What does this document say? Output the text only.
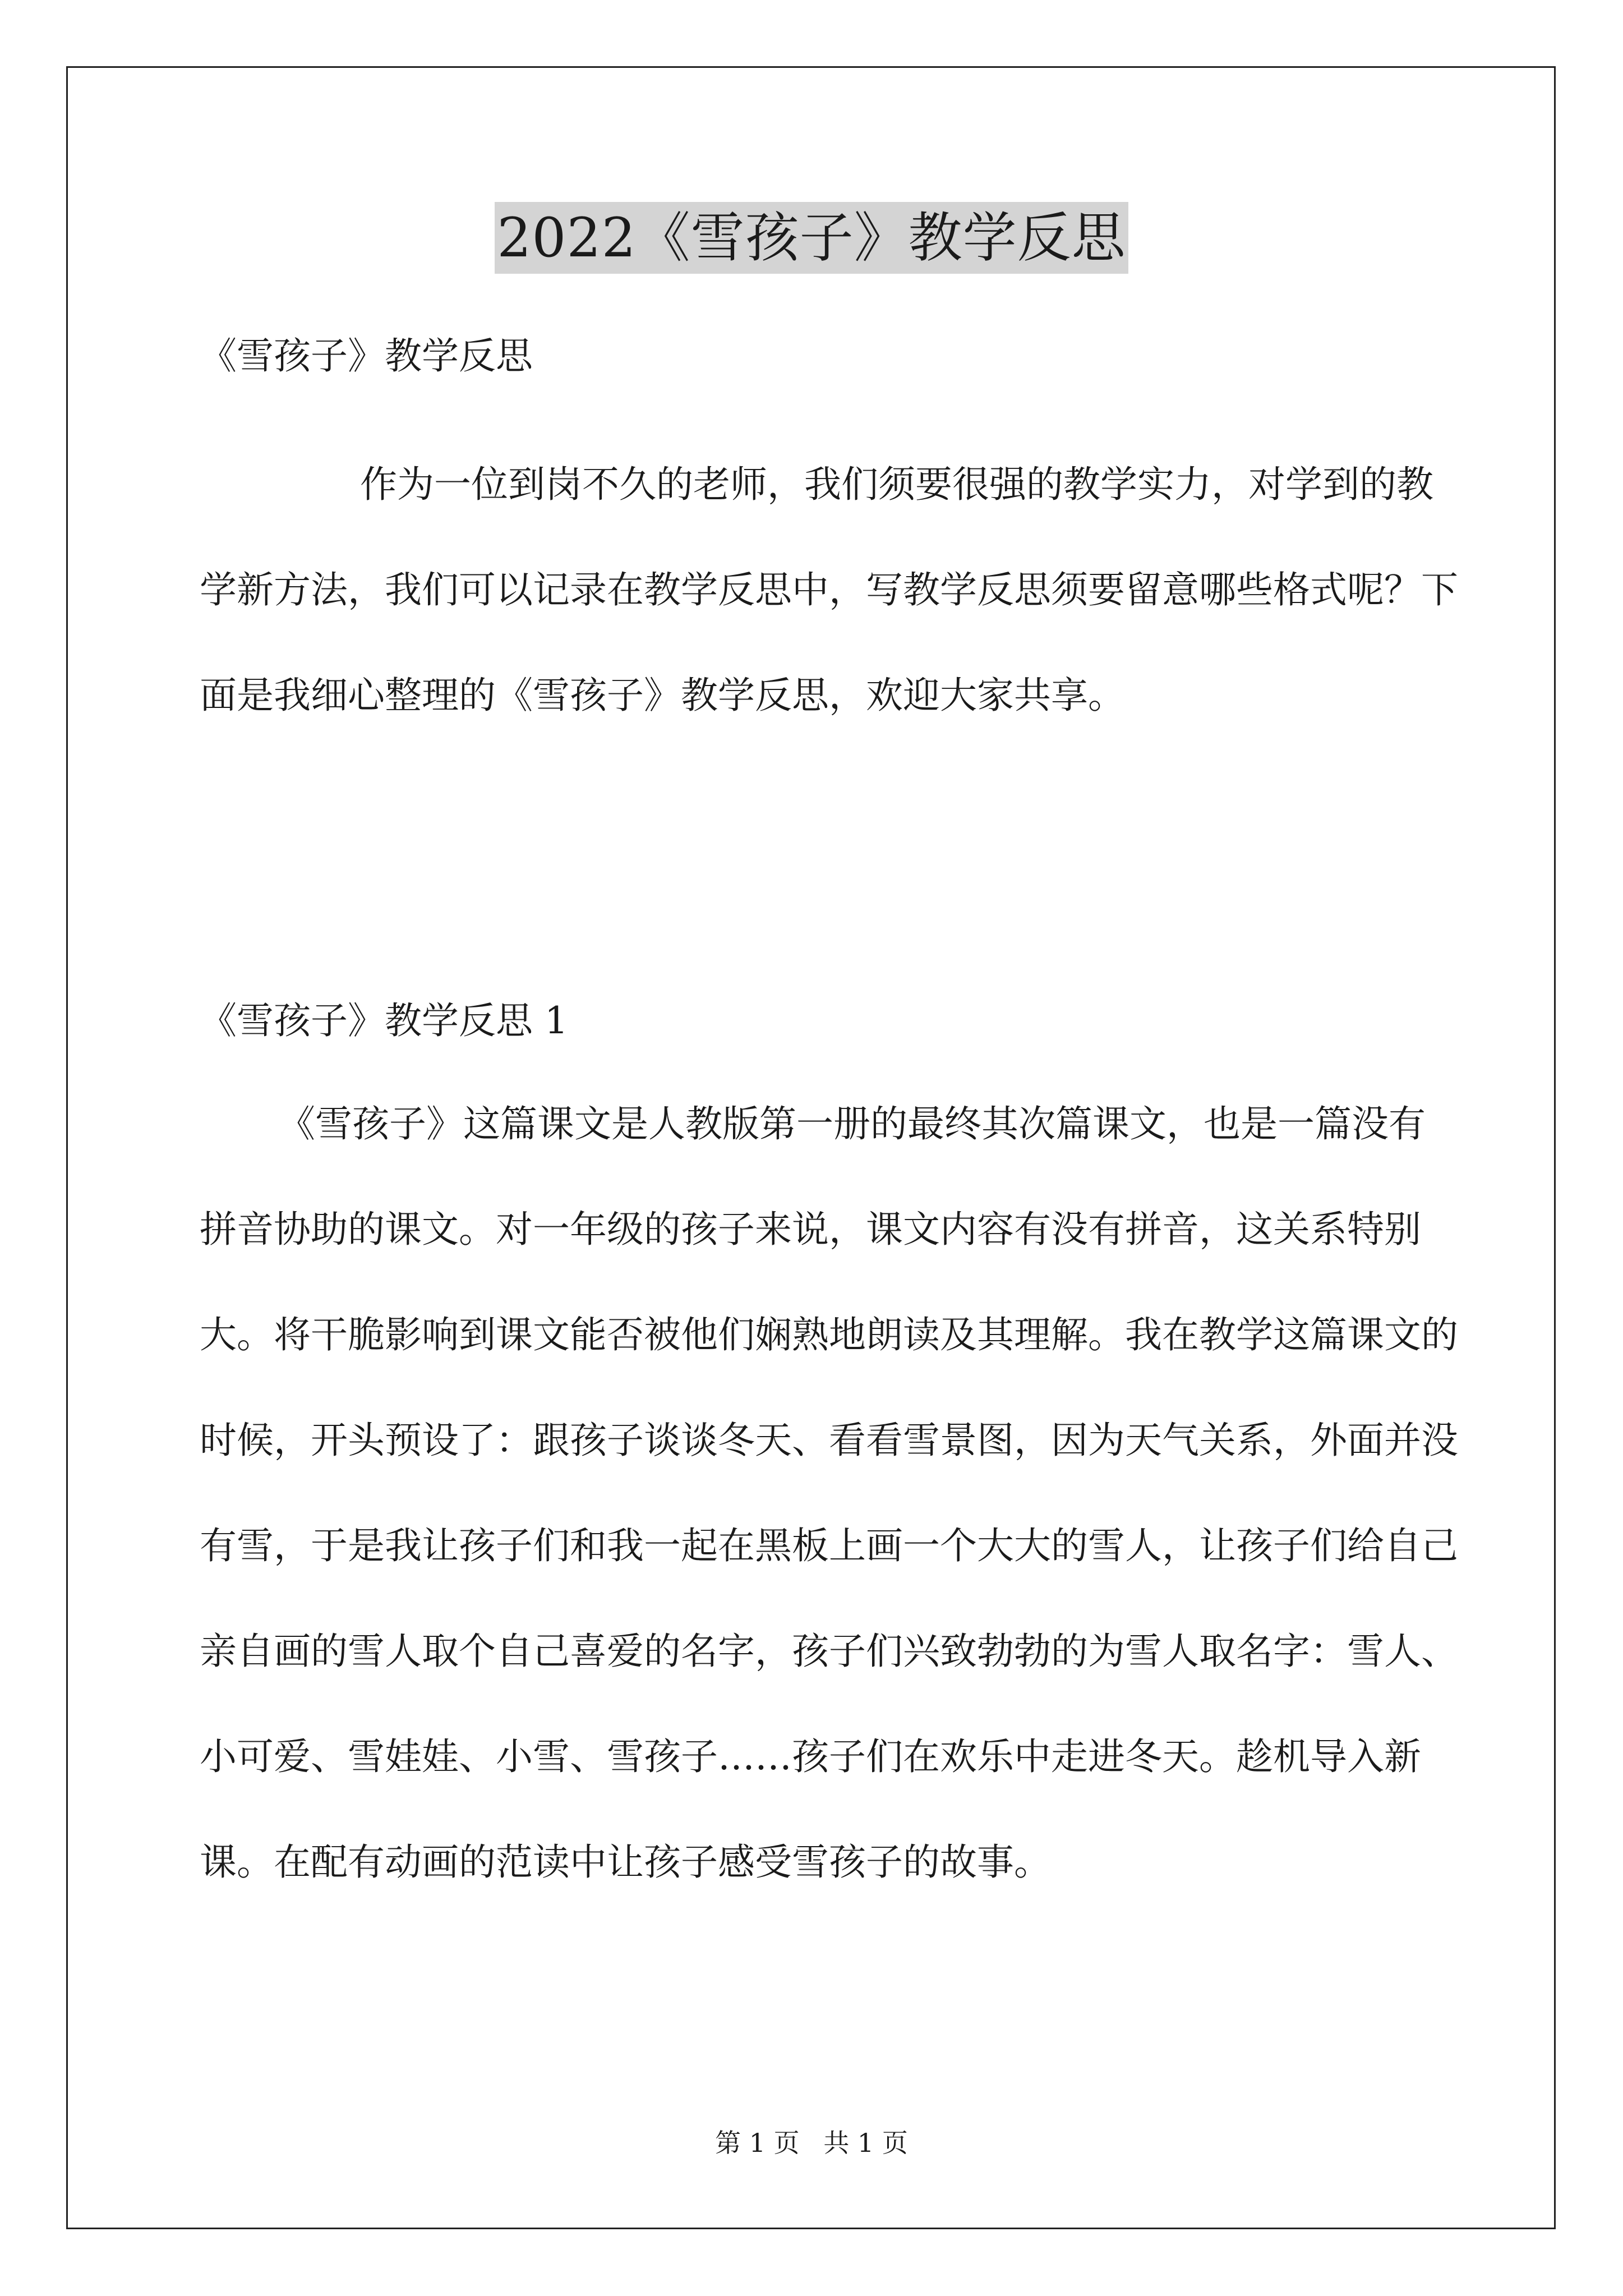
2022《雪孩子》教学反思

《雪孩子》教学反思

作为一位到岗不久的老师，我们须要很强的教学实力，对学到的教学新方法，我们可以记录在教学反思中，写教学反思须要留意哪些格式呢？下面是我细心整理的《雪孩子》教学反思，欢迎大家共享。

《雪孩子》教学反思 1

《雪孩子》这篇课文是人教版第一册的最终其次篇课文，也是一篇没有拼音协助的课文。对一年级的孩子来说，课文内容有没有拼音，这关系特别大。将干脆影响到课文能否被他们娴熟地朗读及其理解。我在教学这篇课文的时候，开头预设了：跟孩子谈谈冬天、看看雪景图，因为天气关系，外面并没有雪，于是我让孩子们和我一起在黑板上画一个大大的雪人，让孩子们给自己亲自画的雪人取个自己喜爱的名字，孩子们兴致勃勃的为雪人取名字：雪人、小可爱、雪娃娃、小雪、雪孩子……孩子们在欢乐中走进冬天。趁机导入新课。在配有动画的范读中让孩子感受雪孩子的故事。

第 1 页 共 1 页
